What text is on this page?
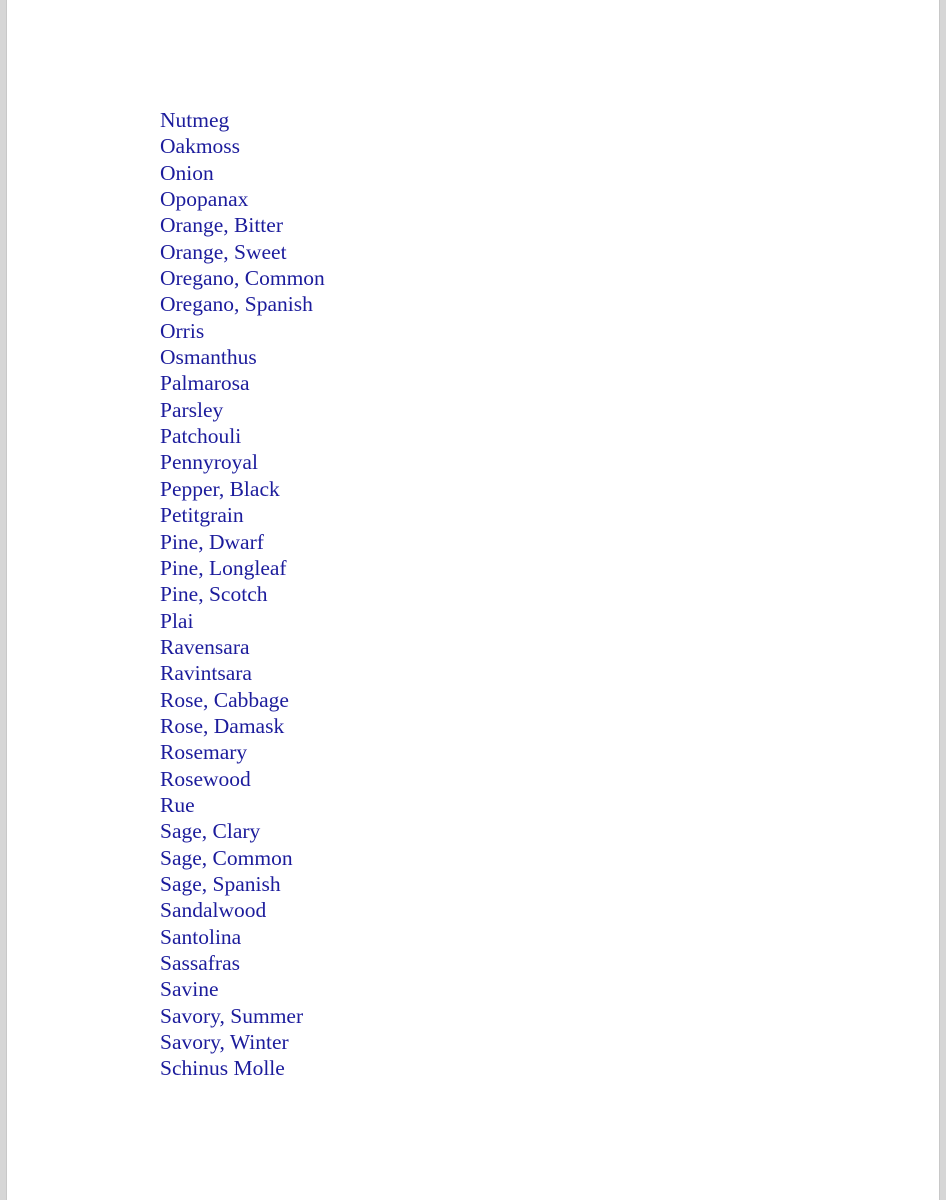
Nutmeg
Oakmoss
Onion
Opopanax
Orange, Bitter
Orange, Sweet
Oregano, Common
Oregano, Spanish
Orris
Osmanthus
Palmarosa
Parsley
Patchouli
Pennyroyal
Pepper, Black
Petitgrain
Pine, Dwarf
Pine, Longleaf
Pine, Scotch
Plai
Ravensara
Ravintsara
Rose, Cabbage
Rose, Damask
Rosemary
Rosewood
Rue
Sage, Clary
Sage, Common
Sage, Spanish
Sandalwood
Santolina
Sassafras
Savine
Savory, Summer
Savory, Winter
Schinus Molle
